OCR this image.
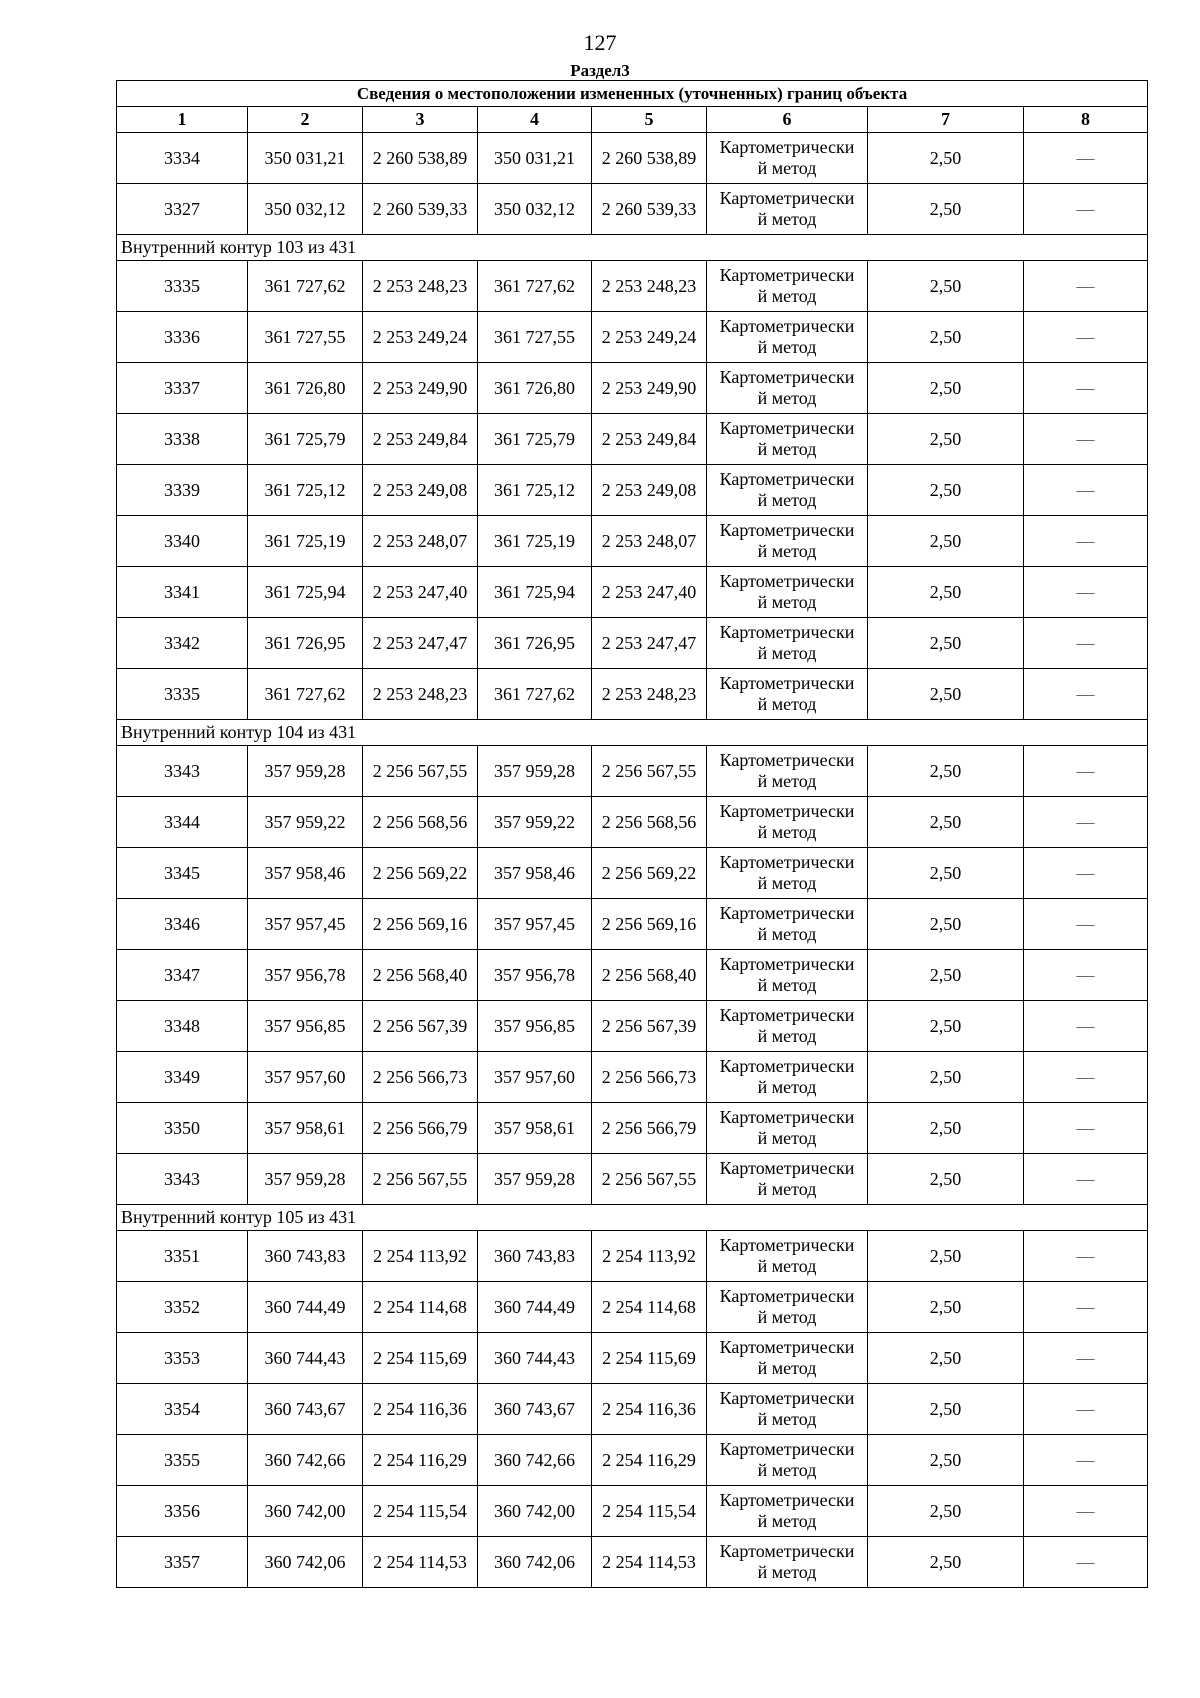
127
Раздел3
Сведения о местоположении измененных (уточненных) границ объекта							
1	2	3	4	5	6	7	8
3334	350 031,21	2 260 538,89	350 031,21	2 260 538,89	Картометрически
й метод	2,50	—
3327	350 032,12	2 260 539,33	350 032,12	2 260 539,33	Картометрически
й метод	2,50	—
Внутренний контур 103 из 431							
3335	361 727,62	2 253 248,23	361 727,62	2 253 248,23	Картометрически
й метод	2,50	—
3336	361 727,55	2 253 249,24	361 727,55	2 253 249,24	Картометрически
й метод	2,50	—
3337	361 726,80	2 253 249,90	361 726,80	2 253 249,90	Картометрически
й метод	2,50	—
3338	361 725,79	2 253 249,84	361 725,79	2 253 249,84	Картометрически
й метод	2,50	—
3339	361 725,12	2 253 249,08	361 725,12	2 253 249,08	Картометрически
й метод	2,50	—
3340	361 725,19	2 253 248,07	361 725,19	2 253 248,07	Картометрически
й метод	2,50	—
3341	361 725,94	2 253 247,40	361 725,94	2 253 247,40	Картометрически
й метод	2,50	—
3342	361 726,95	2 253 247,47	361 726,95	2 253 247,47	Картометрически
й метод	2,50	—
3335	361 727,62	2 253 248,23	361 727,62	2 253 248,23	Картометрически
й метод	2,50	—
Внутренний контур 104 из 431							
3343	357 959,28	2 256 567,55	357 959,28	2 256 567,55	Картометрически
й метод	2,50	—
3344	357 959,22	2 256 568,56	357 959,22	2 256 568,56	Картометрически
й метод	2,50	—
3345	357 958,46	2 256 569,22	357 958,46	2 256 569,22	Картометрически
й метод	2,50	—
3346	357 957,45	2 256 569,16	357 957,45	2 256 569,16	Картометрически
й метод	2,50	—
3347	357 956,78	2 256 568,40	357 956,78	2 256 568,40	Картометрически
й метод	2,50	—
3348	357 956,85	2 256 567,39	357 956,85	2 256 567,39	Картометрически
й метод	2,50	—
3349	357 957,60	2 256 566,73	357 957,60	2 256 566,73	Картометрически
й метод	2,50	—
3350	357 958,61	2 256 566,79	357 958,61	2 256 566,79	Картометрически
й метод	2,50	—
3343	357 959,28	2 256 567,55	357 959,28	2 256 567,55	Картометрически
й метод	2,50	—
Внутренний контур 105 из 431							
3351	360 743,83	2 254 113,92	360 743,83	2 254 113,92	Картометрически
й метод	2,50	—
3352	360 744,49	2 254 114,68	360 744,49	2 254 114,68	Картометрически
й метод	2,50	—
3353	360 744,43	2 254 115,69	360 744,43	2 254 115,69	Картометрически
й метод	2,50	—
3354	360 743,67	2 254 116,36	360 743,67	2 254 116,36	Картометрически
й метод	2,50	—
3355	360 742,66	2 254 116,29	360 742,66	2 254 116,29	Картометрически
й метод	2,50	—
3356	360 742,00	2 254 115,54	360 742,00	2 254 115,54	Картометрически
й метод	2,50	—
3357	360 742,06	2 254 114,53	360 742,06	2 254 114,53	Картометрически
й метод	2,50	—
